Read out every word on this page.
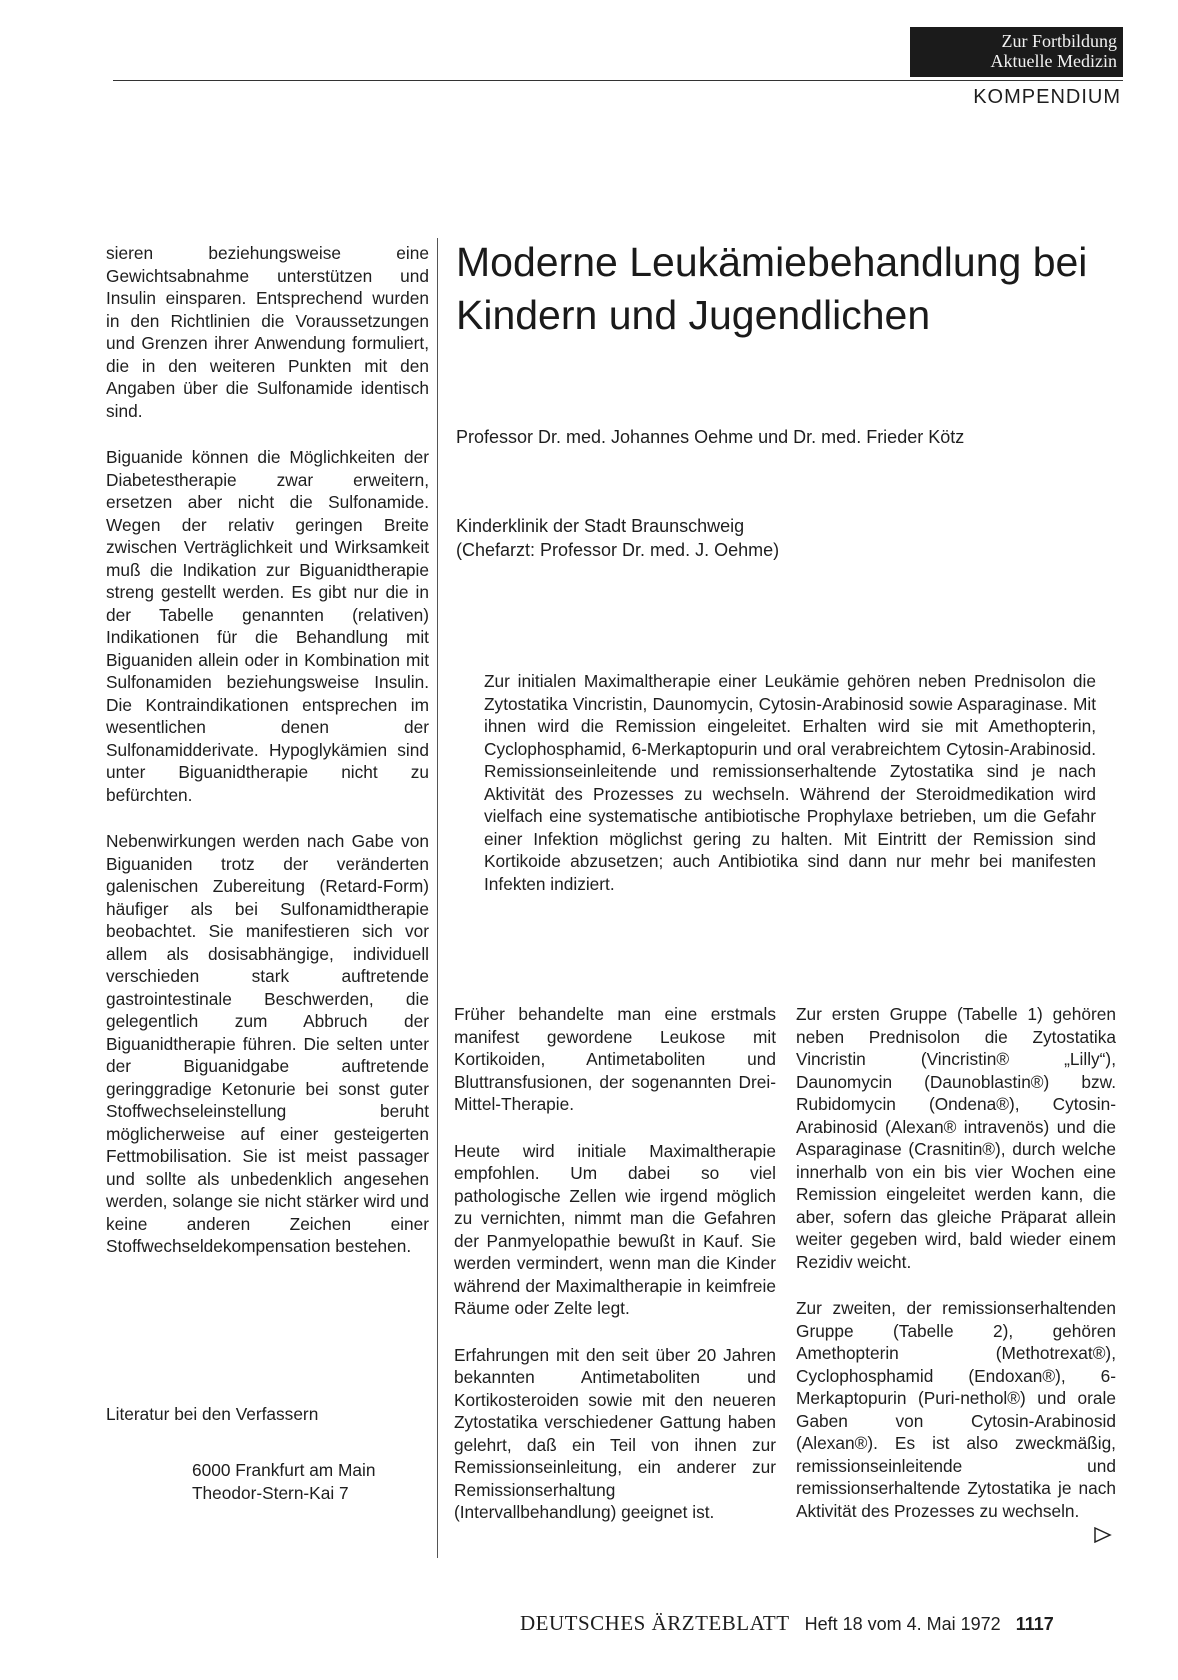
Zur Fortbildung
Aktuelle Medizin
KOMPENDIUM

sieren beziehungsweise eine Gewichtsabnahme unterstützen und Insulin einsparen. Entsprechend wurden in den Richtlinien die Voraussetzungen und Grenzen ihrer Anwendung formuliert, die in den weiteren Punkten mit den Angaben über die Sulfonamide identisch sind.

Biguanide können die Möglichkeiten der Diabetestherapie zwar erweitern, ersetzen aber nicht die Sulfonamide. Wegen der relativ geringen Breite zwischen Verträglichkeit und Wirksamkeit muß die Indikation zur Biguanidtherapie streng gestellt werden. Es gibt nur die in der Tabelle genannten (relativen) Indikationen für die Behandlung mit Biguaniden allein oder in Kombination mit Sulfonamiden beziehungsweise Insulin. Die Kontraindikationen entsprechen im wesentlichen denen der Sulfonamidderivate. Hypoglykämien sind unter Biguanidtherapie nicht zu befürchten.

Nebenwirkungen werden nach Gabe von Biguaniden trotz der veränderten galenischen Zubereitung (Retard-Form) häufiger als bei Sulfonamidtherapie beobachtet. Sie manifestieren sich vor allem als dosisabhängige, individuell verschieden stark auftretende gastrointestinale Beschwerden, die gelegentlich zum Abbruch der Biguanidtherapie führen. Die selten unter der Biguanidgabe auftretende geringgradige Ketonurie bei sonst guter Stoffwechseleinstellung beruht möglicherweise auf einer gesteigerten Fettmobilisation. Sie ist meist passager und sollte als unbedenklich angesehen werden, solange sie nicht stärker wird und keine anderen Zeichen einer Stoffwechseldekompensation bestehen.

Moderne Leukämiebehandlung bei Kindern und Jugendlichen
Professor Dr. med. Johannes Oehme und Dr. med. Frieder Kötz
Kinderklinik der Stadt Braunschweig
(Chefarzt: Professor Dr. med. J. Oehme)
Zur initialen Maximaltherapie einer Leukämie gehören neben Prednisolon die Zytostatika Vincristin, Daunomycin, Cytosin-Arabinosid sowie Asparaginase. Mit ihnen wird die Remission eingeleitet. Erhalten wird sie mit Amethopterin, Cyclophosphamid, 6-Merkaptopurin und oral verabreichtem Cytosin-Arabinosid. Remissionseinleitende und remissionserhaltende Zytostatika sind je nach Aktivität des Prozesses zu wechseln. Während der Steroidmedikation wird vielfach eine systematische antibiotische Prophylaxe betrieben, um die Gefahr einer Infektion möglichst gering zu halten. Mit Eintritt der Remission sind Kortikoide abzusetzen; auch Antibiotika sind dann nur mehr bei manifesten Infekten indiziert.

Früher behandelte man eine erstmals manifest gewordene Leukose mit Kortikoiden, Antimetaboliten und Bluttransfusionen, der sogenannten Drei-Mittel-Therapie.

Heute wird initiale Maximaltherapie empfohlen. Um dabei so viel pathologische Zellen wie irgend möglich zu vernichten, nimmt man die Gefahren der Panmyelopathie bewußt in Kauf. Sie werden vermindert, wenn man die Kinder während der Maximaltherapie in keimfreie Räume oder Zelte legt.

Erfahrungen mit den seit über 20 Jahren bekannten Antimetaboliten und Kortikosteroiden sowie mit den neueren Zytostatika verschiedener Gattung haben gelehrt, daß ein Teil von ihnen zur Remissionseinleitung, ein anderer zur Remissionserhaltung (Intervallbehandlung) geeignet ist.

Zur ersten Gruppe (Tabelle 1) gehören neben Prednisolon die Zytostatika Vincristin (Vincristin® „Lilly“), Daunomycin (Daunoblastin®) bzw. Rubidomycin (Ondena®), Cytosin-Arabinosid (Alexan® intravenös) und die Asparaginase (Crasnitin®), durch welche innerhalb von ein bis vier Wochen eine Remission eingeleitet werden kann, die aber, sofern das gleiche Präparat allein weiter gegeben wird, bald wieder einem Rezidiv weicht.

Zur zweiten, der remissionserhaltenden Gruppe (Tabelle 2), gehören Amethopterin (Methotrexat®), Cyclophosphamid (Endoxan®), 6-Merkaptopurin (Puri-nethol®) und orale Gaben von Cytosin-Arabinosid (Alexan®). Es ist also zweckmäßig, remissionseinleitende und remissionserhaltende Zytostatika je nach Aktivität des Prozesses zu wechseln.

Literatur bei den Verfassern
6000 Frankfurt am Main
Theodor-Stern-Kai 7
DEUTSCHES ÄRZTEBLATT Heft 18 vom 4. Mai 1972 1117
